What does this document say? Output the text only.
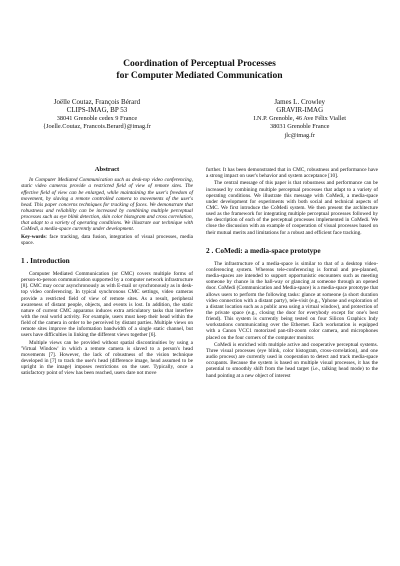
Coordination of Perceptual Processes
for Computer Mediated Communication
Joëlle Coutaz, François Bérard
CLIPS-IMAG, BP 53
38041 Grenoble cedex 9 France
{Joelle.Coutaz, Francois.Berard}@imag.fr
James L. Crowley
GRAVIR-IMAG
I.N.P. Grenoble, 46 Ave Félix Viallet
38031 Grenoble France
jlc@imag.fr
Abstract

In Computer Mediated Communication such as desk-top video conferencing, static video cameras provide a restricted field of view of remote sites. The effective field of view can be enlarged, while maintaining the user's freedom of movement, by slaving a remote controlled camera to movements of the user's head. This paper concerns techniques for tracking of faces. We demonstrate that robustness and reliability can be increased by combining multiple perceptual processes such as eye blink detection, skin color histogram and cross correlation, that adapt to a variety of operating conditions. We illustrate our technique with CoMedi, a media-space currently under development.

Key-words: face tracking, data fusion, integration of visual processes, media space.

1 . Introduction

Computer Mediated Communication (or CMC) covers multiple forms of person-to-person communication supported by a computer network infrastructure [8]. CMC may occur asynchronously as with E-mail or synchronously as in desk-top video conferencing. In typical synchronous CMC settings, video cameras provide a restricted field of view of remote sites. As a result, peripheral awareness of distant people, objects, and events is lost. In addition, the static nature of current CMC apparatus induces extra articulatory tasks that interfere with the real world activity. For example, users must keep their head within the field of the camera in order to be perceived by distant parties. Multiple views on remote sites improve the information bandwidth of a single static channel, but users have difficulties in linking the different views together [6].

Multiple views can be provided without spatial discontinuities by using a 'Virtual Window' in which a remote camera is slaved to a person's head movements [7]. However, the lack of robustness of the vision technique developed in [7] to track the user's head (difference image, head assumed to be upright in the image) imposes restrictions on the user. Typically, once a satisfactory point of view has been reached, users dare not move

further. It has been demonstrated that in CMC, robustness and performance have a strong impact on user's behavior and system acceptance [10].

The central message of this paper is that robustness and performance can be increased by combining multiple perceptual processes that adapt to a variety of operating conditions. We illustrate this message with CoMedi, a media-space under development for experiments with both social and technical aspects of CMC. We first introduce the CoMedi system. We then present the architecture used as the framework for integrating multiple perceptual processes followed by the description of each of the perceptual processes implemented in CoMedi. We close the discussion with an example of cooperation of visual processes based on their mutual merits and limitations for a robust and efficient face tracking.

2 . CoMedi: a media-space prototype

The infrastructure of a media-space is similar to that of a desktop video-conferencing system. Whereas tele-conferencing is formal and pre-planned, media-spaces are intended to support opportunistic encounters such as meeting someone by chance in the hall-way or glancing at someone through an opened door. CoMedi (Communication and Media-space) is a media-space prototype that allows users to perform the following tasks: glance at someone (a short duration video connection with a distant party), tele-visit (e.g., Yphone and exploration of a distant location such as a public area using a virtual window), and protection of the private space (e.g., closing the door for everybody except for one's best friend). This system is currently being tested on four Silicon Graphics Indy workstations communicating over the Ethernet. Each workstation is equipped with a Canon VCC1 motorized pan-tilt-zoom color camera, and microphones placed on the four corners of the computer monitor.

CoMedi is enriched with multiple active and cooperative perceptual systems. Three visual processes (eye blink, color histogram, cross-correlation), and one audio process) are currently used in cooperation to detect and track media-space occupants. Because the system is based on multiple visual processes, it has the potential to smoothly shift from the head target (i.e., talking head mode) to the hand pointing at a new object of interest
